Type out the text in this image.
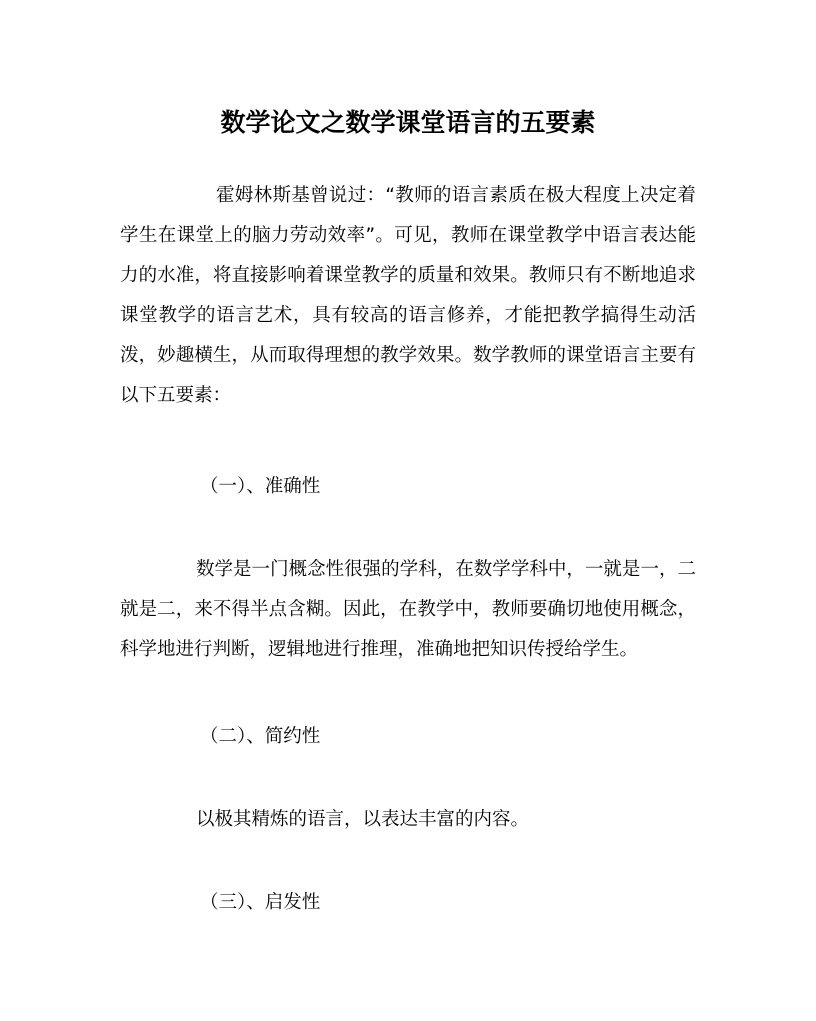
数学论文之数学课堂语言的五要素

霍姆林斯基曾说过：“教师的语言素质在极大程度上决定着学生在课堂上的脑力劳动效率”。可见，教师在课堂教学中语言表达能力的水准，将直接影响着课堂教学的质量和效果。教师只有不断地追求课堂教学的语言艺术，具有较高的语言修养，才能把教学搞得生动活泼，妙趣横生，从而取得理想的教学效果。数学教师的课堂语言主要有以下五要素：

（一）、准确性

数学是一门概念性很强的学科，在数学学科中，一就是一，二就是二，来不得半点含糊。因此，在教学中，教师要确切地使用概念，科学地进行判断，逻辑地进行推理，准确地把知识传授给学生。

（二）、简约性
以极其精炼的语言，以表达丰富的内容。
（三）、启发性
